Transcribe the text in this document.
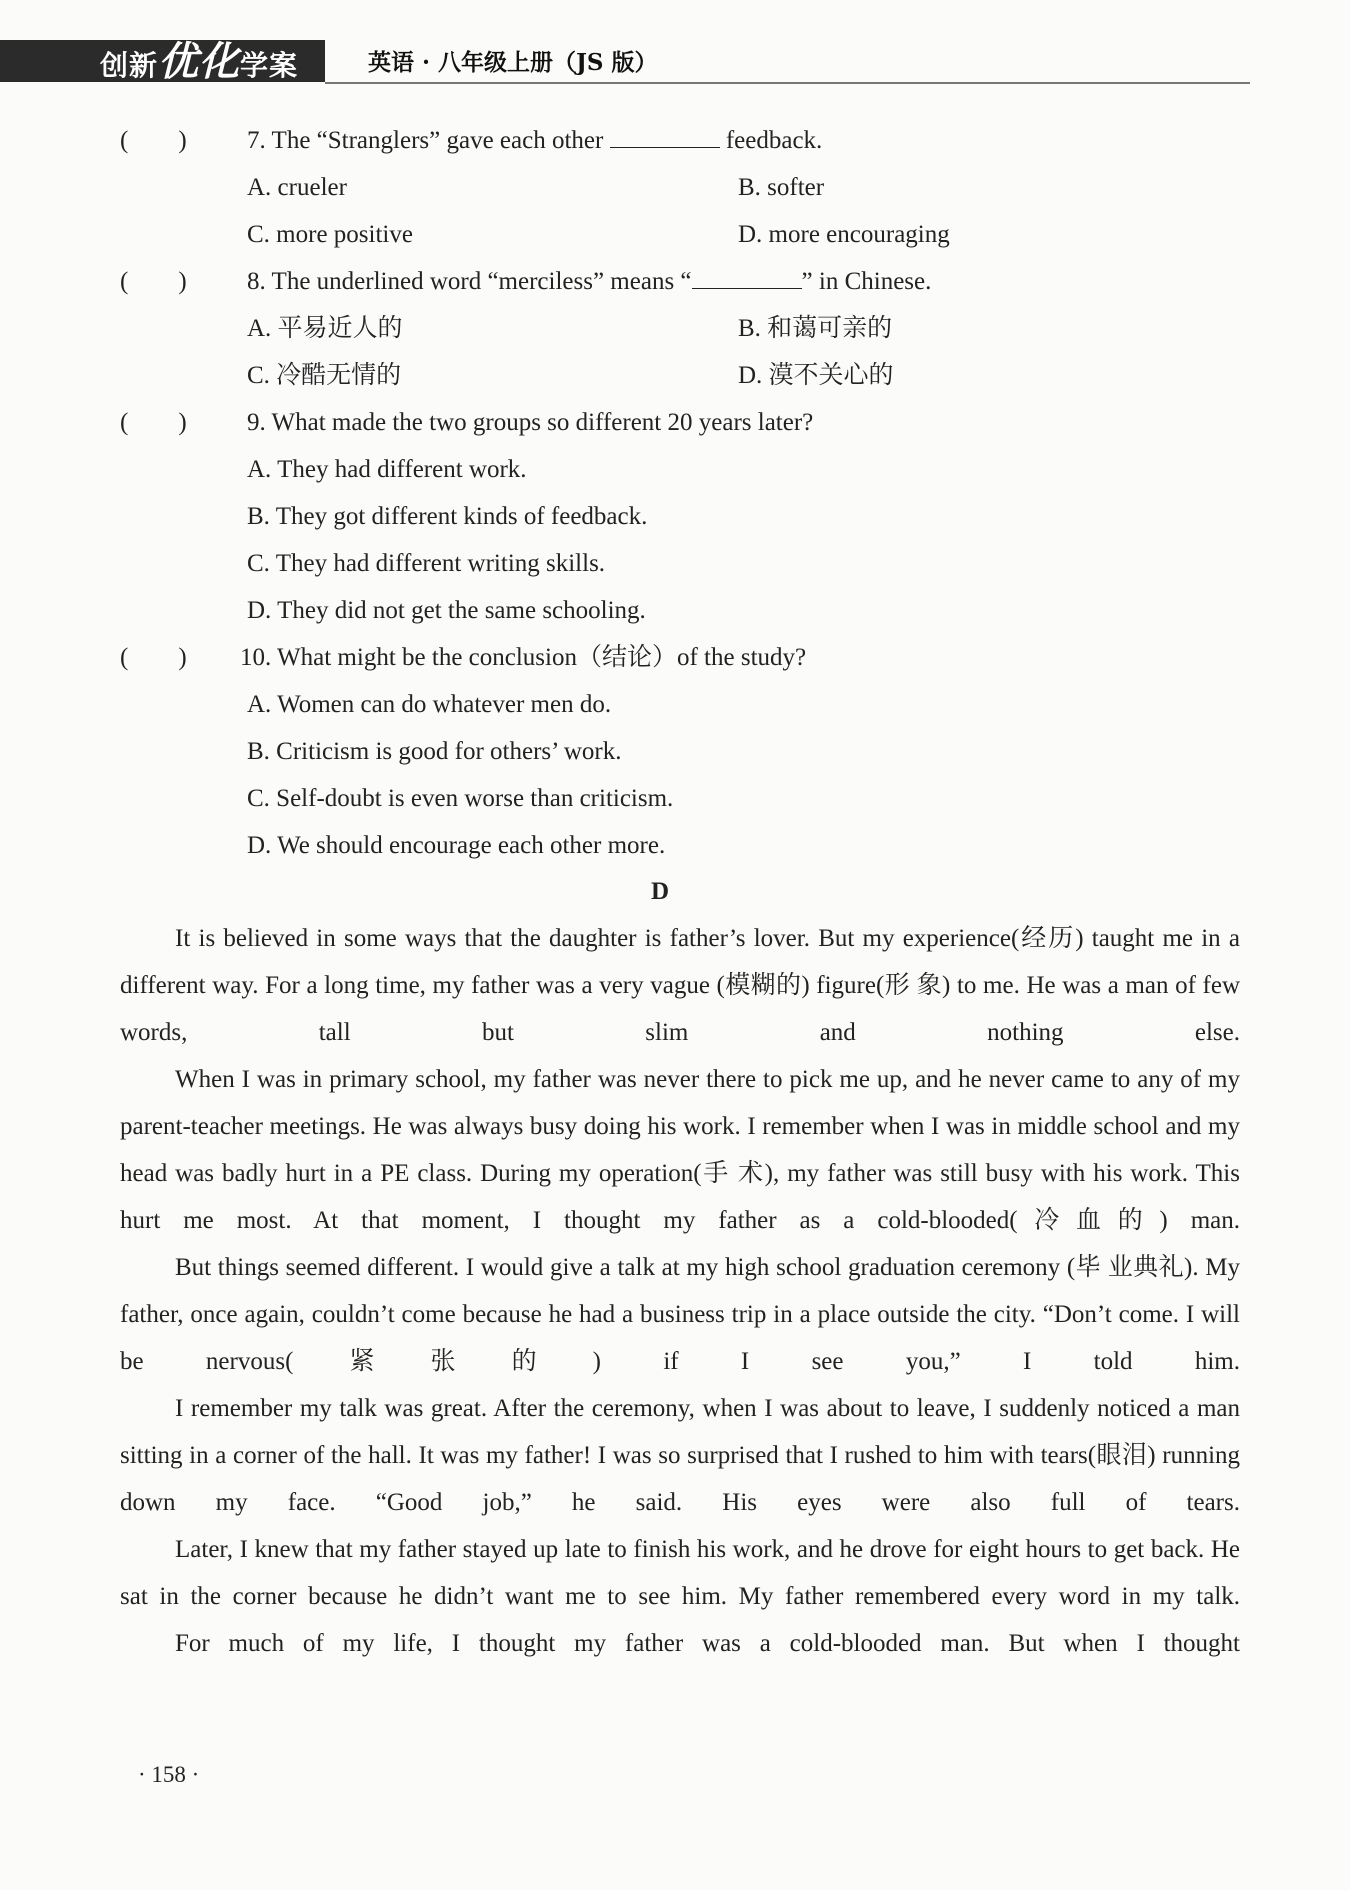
创新优化学案	英语 · 八年级上册（JS 版）
(　　)	7. The “Stranglers” gave each other	feedback.
A. crueler	B. softer
C. more positive	D. more encouraging
(　　)	8. The underlined word “merciless” means “	” in Chinese.
A. 平易近人的	B. 和蔼可亲的
C. 冷酷无情的	D. 漠不关心的
(　　)	9. What made the two groups so different 20 years later?
A. They had different work.
B. They got different kinds of feedback.
C. They had different writing skills.
D. They did not get the same schooling.
(　　)	10. What might be the conclusion（结论）of the study?
A. Women can do whatever men do.
B. Criticism is good for others’ work.
C. Self-doubt is even worse than criticism.
D. We should encourage each other more.
D

It is believed in some ways that the daughter is father’s lover. But my experience(经历) taught me in a different way. For a long time, my father was a very vague (模糊的) figure(形 象) to me. He was a man of few words, tall but slim and nothing else.

When I was in primary school, my father was never there to pick me up, and he never came to any of my parent-teacher meetings. He was always busy doing his work. I remember when I was in middle school and my head was badly hurt in a PE class. During my operation(手 术), my father was still busy with his work. This hurt me most. At that moment, I thought my father as a cold-blooded(冷血的) man.

But things seemed different. I would give a talk at my high school graduation ceremony (毕 业典礼). My father, once again, couldn’t come because he had a business trip in a place outside the city. “Don’t come. I will be nervous(紧张的) if I see you,” I told him.

I remember my talk was great. After the ceremony, when I was about to leave, I suddenly noticed a man sitting in a corner of the hall. It was my father! I was so surprised that I rushed to him with tears(眼泪) running down my face. “Good job,” he said. His eyes were also full of tears.

Later, I knew that my father stayed up late to finish his work, and he drove for eight hours to get back. He sat in the corner because he didn’t want me to see him. My father remembered every word in my talk.

For much of my life, I thought my father was a cold-blooded man. But when I thought

· 158 ·
